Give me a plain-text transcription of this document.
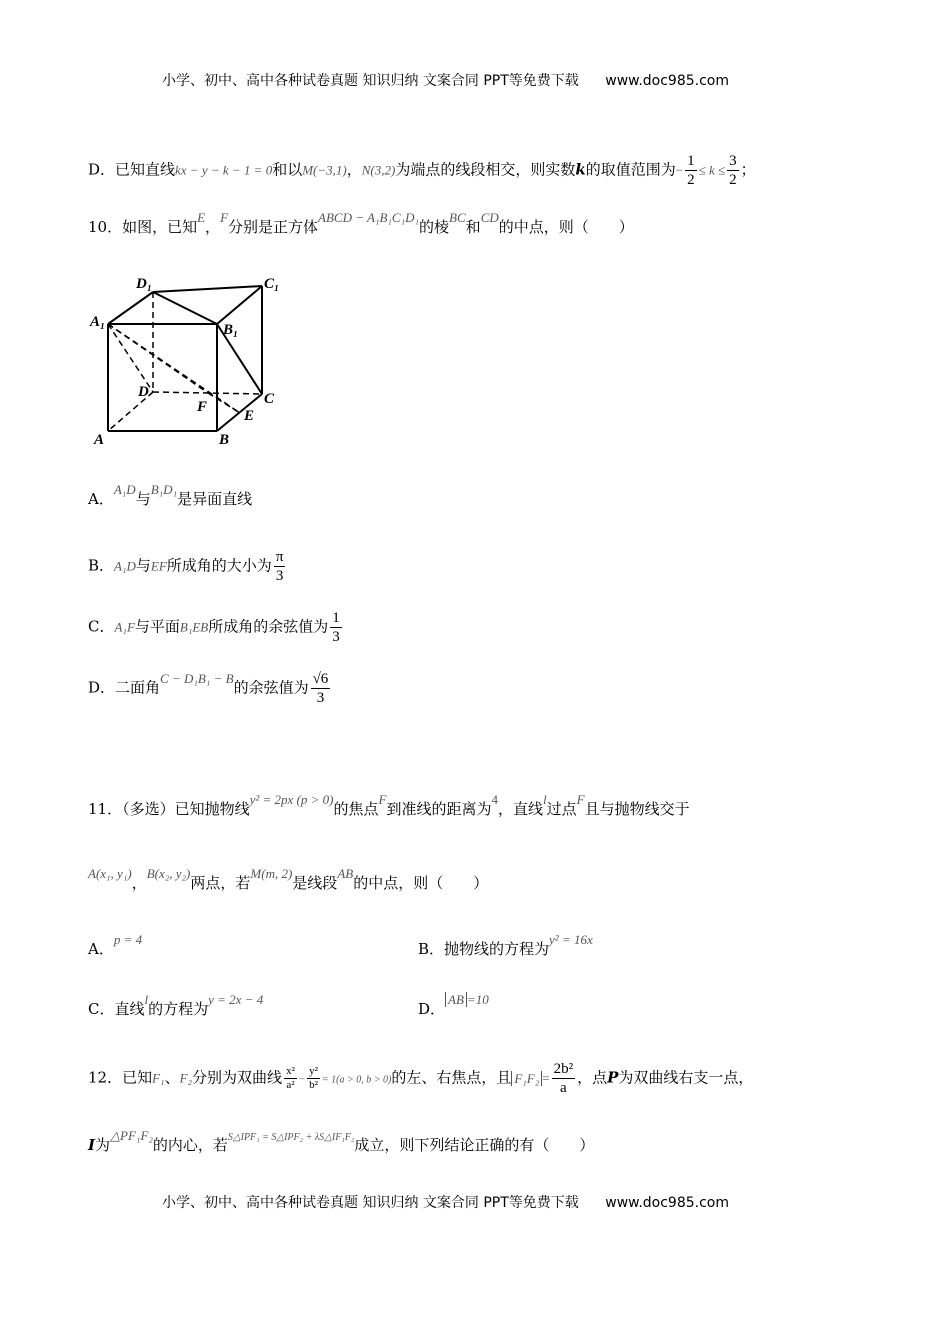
小学、初中、高中各种试卷真题 知识归纳 文案合同 PPT等免费下载 www.doc985.com
D．已知直线kx − y − k − 1 = 0和以M(−3,1)，N(3,2)为端点的线段相交，则实数k的取值范围为− $\frac{1}{2} \le k \le \frac{3}{2}$ ；
10．如图，已知E，F分别是正方体ABCD − A₁B₁C₁D₁的棱BC和CD的中点，则（　　）
D₁	C₁
A₁	B₁
D
F	C
E
A	B
A．A₁D与B₁D₁是异面直线
B．A₁D与EF所成角的大小为 $\frac{\pi}{3}$
C．A₁F与平面B₁EB所成角的余弦值为 $\frac{1}{3}$
D．二面角C − D₁B₁ − B的余弦值为 $\frac{√6}{3}$
11．（多选）已知抛物线y² = 2px (p > 0)的焦点F到准线的距离为4，直线l过点F且与抛物线交于
A(x₁, y₁)，B(x₂, y₂)两点，若M(m, 2)是线段AB的中点，则（　　）
A．p = 4
B．抛物线的方程为y² = 16x
C．直线l的方程为y = 2x − 4
D．AB =10
12．已知F₁、F₂分别为双曲线 $\frac{\text{x²}}{\text{a²}} - \frac{\text{y²}}{\text{b²}} = 1(a > 0$, b > 0)的左、右焦点，且 $F_1F_2 = \frac{\text{2b²}}{a}$ ，点P为双曲线右支一点，
I为△PF₁F₂的内心，若$^{S\triangle IPF_1 = S\triangle IPF_2 + \lambda S\triangle IF_1F_2}$成立，则下列结论正确的有（　　）
小学、初中、高中各种试卷真题 知识归纳 文案合同 PPT等免费下载 www.doc985.com
